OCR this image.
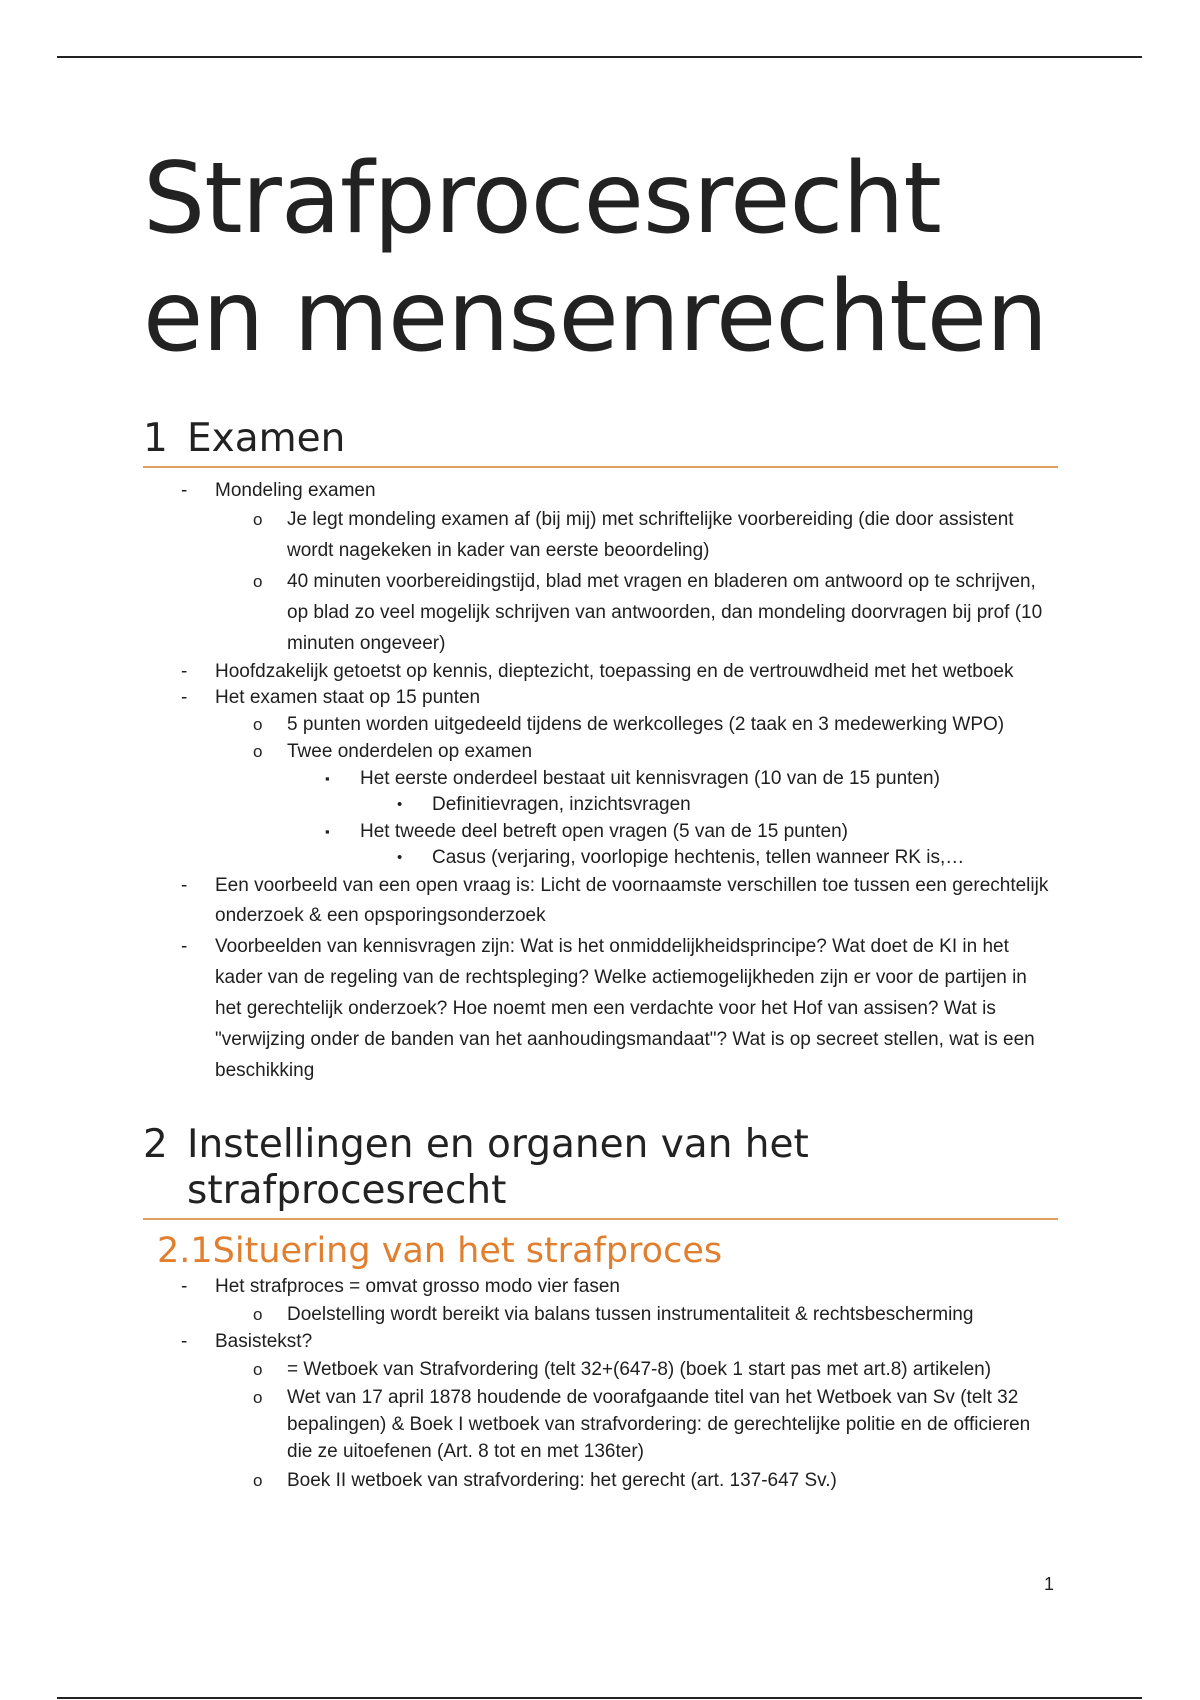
Strafprocesrecht
en mensenrechten
1 Examen
- Mondeling examen
o Je legt mondeling examen af (bij mij) met schriftelijke voorbereiding (die door assistent wordt nagekeken in kader van eerste beoordeling)
o 40 minuten voorbereidingstijd, blad met vragen en bladeren om antwoord op te schrijven, op blad zo veel mogelijk schrijven van antwoorden, dan mondeling doorvragen bij prof (10 minuten ongeveer)
- Hoofdzakelijk getoetst op kennis, dieptezicht, toepassing en de vertrouwdheid met het wetboek
- Het examen staat op 15 punten
o 5 punten worden uitgedeeld tijdens de werkcolleges (2 taak en 3 medewerking WPO)
o Twee onderdelen op examen
▪ Het eerste onderdeel bestaat uit kennisvragen (10 van de 15 punten)
• Definitievragen, inzichtsvragen
▪ Het tweede deel betreft open vragen (5 van de 15 punten)
• Casus (verjaring, voorlopige hechtenis, tellen wanneer RK is,…
- Een voorbeeld van een open vraag is: Licht de voornaamste verschillen toe tussen een gerechtelijk onderzoek & een opsporingsonderzoek
- Voorbeelden van kennisvragen zijn: Wat is het onmiddelijkheidsprincipe? Wat doet de KI in het kader van de regeling van de rechtspleging? Welke actiemogelijkheden zijn er voor de partijen in het gerechtelijk onderzoek? Hoe noemt men een verdachte voor het Hof van assisen? Wat is "verwijzing onder de banden van het aanhoudingsmandaat"? Wat is op secreet stellen, wat is een beschikking
2 Instellingen en organen van het strafprocesrecht
2.1Situering van het strafproces
- Het strafproces = omvat grosso modo vier fasen
o Doelstelling wordt bereikt via balans tussen instrumentaliteit & rechtsbescherming
- Basistekst?
o = Wetboek van Strafvordering (telt 32+(647-8) (boek 1 start pas met art.8) artikelen)
o Wet van 17 april 1878 houdende de voorafgaande titel van het Wetboek van Sv (telt 32 bepalingen) & Boek I wetboek van strafvordering: de gerechtelijke politie en de officieren die ze uitoefenen (Art. 8 tot en met 136ter)
o Boek II wetboek van strafvordering: het gerecht (art. 137-647 Sv.)
1
